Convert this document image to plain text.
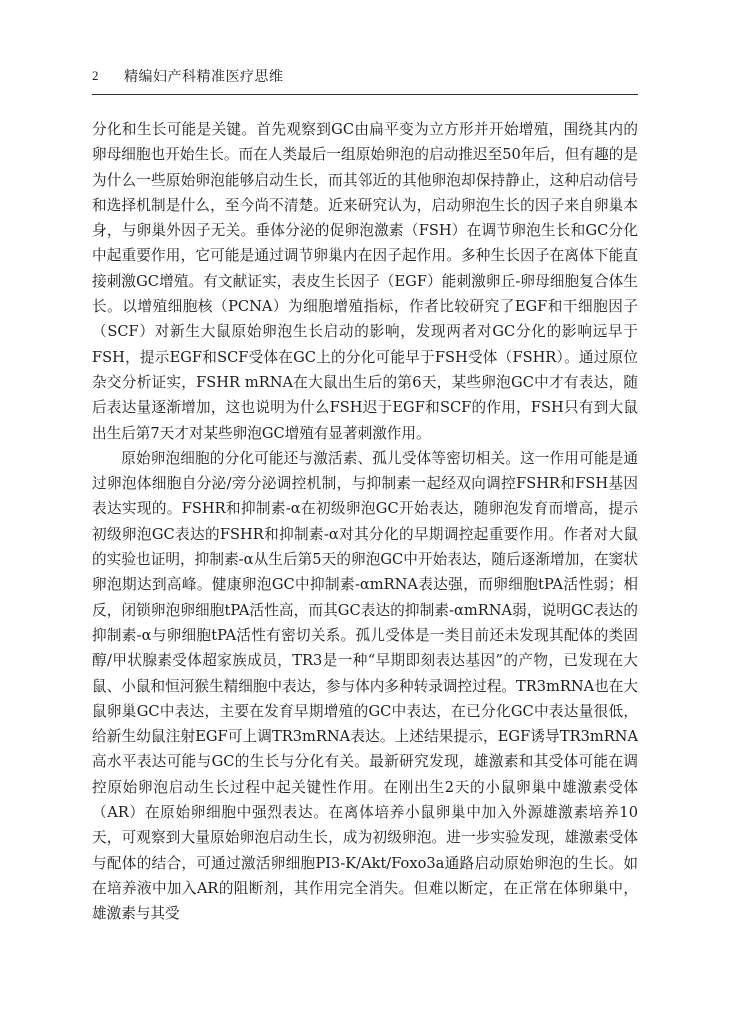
2 精编妇产科精准医疗思维

分化和生长可能是关键。首先观察到GC由扁平变为立方形并开始增殖，围绕其内的卵母细胞也开始生长。而在人类最后一组原始卵泡的启动推迟至50年后，但有趣的是为什么一些原始卵泡能够启动生长，而其邻近的其他卵泡却保持静止，这种启动信号和选择机制是什么，至今尚不清楚。近来研究认为，启动卵泡生长的因子来自卵巢本身，与卵巢外因子无关。垂体分泌的促卵泡激素（FSH）在调节卵泡生长和GC分化中起重要作用，它可能是通过调节卵巢内在因子起作用。多种生长因子在离体下能直接刺激GC增殖。有文献证实，表皮生长因子（EGF）能刺激卵丘-卵母细胞复合体生长。以增殖细胞核（PCNA）为细胞增殖指标，作者比较研究了EGF和干细胞因子（SCF）对新生大鼠原始卵泡生长启动的影响，发现两者对GC分化的影响远早于FSH，提示EGF和SCF受体在GC上的分化可能早于FSH受体（FSHR）。通过原位杂交分析证实，FSHR mRNA在大鼠出生后的第6天，某些卵泡GC中才有表达，随后表达量逐渐增加，这也说明为什么FSH迟于EGF和SCF的作用，FSH只有到大鼠出生后第7天才对某些卵泡GC增殖有显著刺激作用。

原始卵泡细胞的分化可能还与激活素、孤儿受体等密切相关。这一作用可能是通过卵泡体细胞自分泌/旁分泌调控机制，与抑制素一起经双向调控FSHR和FSH基因表达实现的。FSHR和抑制素-α在初级卵泡GC开始表达，随卵泡发育而增高，提示初级卵泡GC表达的FSHR和抑制素-α对其分化的早期调控起重要作用。作者对大鼠的实验也证明，抑制素-α从生后第5天的卵泡GC中开始表达，随后逐渐增加，在窦状卵泡期达到高峰。健康卵泡GC中抑制素-αmRNA表达强，而卵细胞tPA活性弱；相反，闭锁卵泡卵细胞tPA活性高，而其GC表达的抑制素-αmRNA弱，说明GC表达的抑制素-α与卵细胞tPA活性有密切关系。孤儿受体是一类目前还未发现其配体的类固醇/甲状腺素受体超家族成员，TR3是一种“早期即刻表达基因”的产物，已发现在大鼠、小鼠和恒河猴生精细胞中表达，参与体内多种转录调控过程。TR3mRNA也在大鼠卵巢GC中表达，主要在发育早期增殖的GC中表达，在已分化GC中表达量很低，给新生幼鼠注射EGF可上调TR3mRNA表达。上述结果提示，EGF诱导TR3mRNA高水平表达可能与GC的生长与分化有关。最新研究发现，雄激素和其受体可能在调控原始卵泡启动生长过程中起关键性作用。在刚出生2天的小鼠卵巢中雄激素受体（AR）在原始卵细胞中强烈表达。在离体培养小鼠卵巢中加入外源雄激素培养10天，可观察到大量原始卵泡启动生长，成为初级卵泡。进一步实验发现，雄激素受体与配体的结合，可通过激活卵细胞PI3-K/Akt/Foxo3a通路启动原始卵泡的生长。如在培养液中加入AR的阻断剂，其作用完全消失。但难以断定，在正常在体卵巢中，雄激素与其受
